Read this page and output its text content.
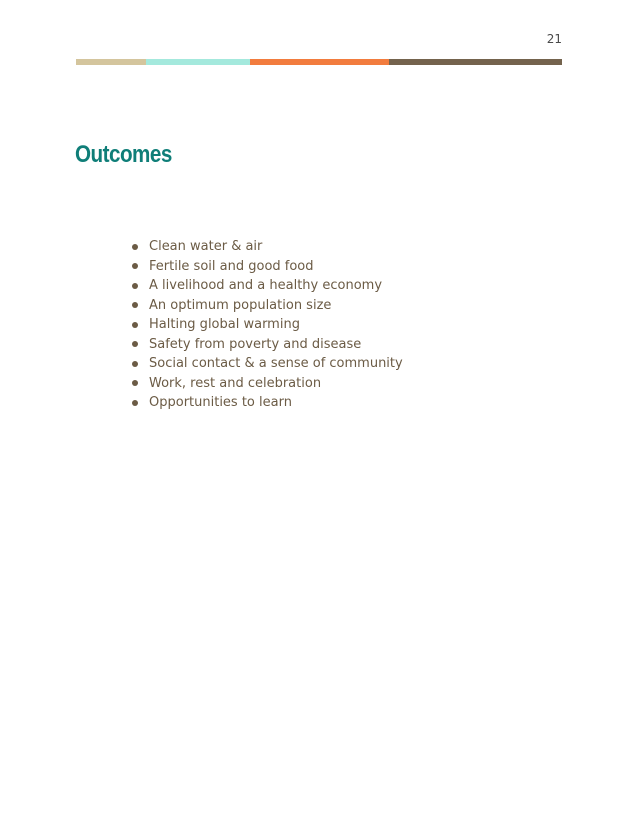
21
Outcomes
Clean water & air
Fertile soil and good food
A livelihood and a healthy economy
An optimum population size
Halting global warming
Safety from poverty and disease
Social contact & a sense of community
Work, rest and celebration
Opportunities to learn
